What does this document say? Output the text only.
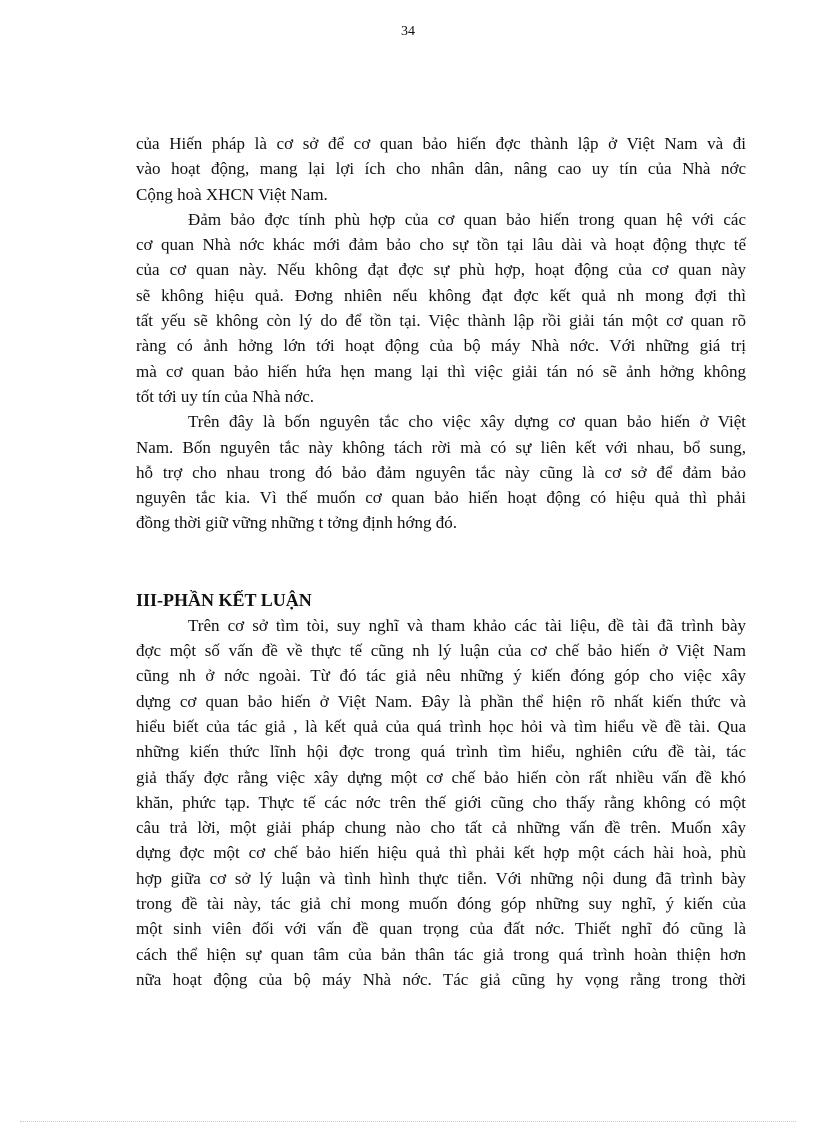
34
của Hiến pháp là cơ sở để cơ quan bảo hiến đợc thành lập ở Việt Nam và đi
vào hoạt động, mang lại lợi ích cho nhân dân, nâng cao uy tín của Nhà nớc
Cộng hoà XHCN Việt Nam.
Đảm bảo đợc tính phù hợp của cơ quan bảo hiến trong quan hệ với các
cơ quan Nhà nớc khác mới đảm bảo cho sự tồn tại lâu dài và hoạt động thực tế
của cơ quan này. Nếu không đạt đợc sự phù hợp, hoạt động của cơ quan này
sẽ không hiệu quả. Đơng nhiên nếu không đạt đợc kết quả nh mong đợi thì
tất yếu sẽ không còn lý do để tồn tại. Việc thành lập rồi giải tán một cơ quan rõ
ràng có ảnh hởng lớn tới hoạt động của bộ máy Nhà nớc. Với những giá trị
mà cơ quan bảo hiến hứa hẹn mang lại thì việc giải tán nó sẽ ảnh hởng không
tốt tới uy tín của Nhà nớc.
Trên đây là bốn nguyên tắc cho việc xây dựng cơ quan bảo hiến ở Việt
Nam. Bốn nguyên tắc này không tách rời mà có sự liên kết với nhau, bổ sung,
hỗ trợ cho nhau trong đó bảo đảm nguyên tắc này cũng là cơ sở để đảm bảo
nguyên tắc kia. Vì thế muốn cơ quan bảo hiến hoạt động có hiệu quả thì phải
đồng thời giữ vững những t tởng định hớng đó.
III-PHẦN KẾT LUẬN
Trên cơ sở tìm tòi, suy nghĩ và tham khảo các tài liệu, đề tài đã trình bày
đợc một số vấn đề về thực tế cũng nh lý luận của cơ chế bảo hiến ở Việt Nam
cũng nh ở nớc ngoài. Từ đó tác giả nêu những ý kiến đóng góp cho việc xây
dựng cơ quan bảo hiến ở Việt Nam. Đây là phần thể hiện rõ nhất kiến thức và
hiểu biết của tác giả , là kết quả của quá trình học hỏi và tìm hiểu về đề tài. Qua
những kiến thức lĩnh hội đợc trong quá trình tìm hiểu, nghiên cứu đề tài, tác
giả thấy đợc rằng việc xây dựng một cơ chế bảo hiến còn rất nhiều vấn đề khó
khăn, phức tạp. Thực tế các nớc trên thế giới cũng cho thấy rằng không có một
câu trả lời, một giải pháp chung nào cho tất cả những vấn đề trên. Muốn xây
dựng đợc một cơ chế bảo hiến hiệu quả thì phải kết hợp một cách hài hoà, phù
hợp giữa cơ sở lý luận và tình hình thực tiễn. Với những nội dung đã trình bày
trong đề tài này, tác giả chỉ mong muốn đóng góp những suy nghĩ, ý kiến của
một sinh viên đối với vấn đề quan trọng của đất nớc. Thiết nghĩ đó cũng là
cách thể hiện sự quan tâm của bản thân tác giả trong quá trình hoàn thiện hơn
nữa hoạt động của bộ máy Nhà nớc. Tác giả cũng hy vọng rằng trong thời
